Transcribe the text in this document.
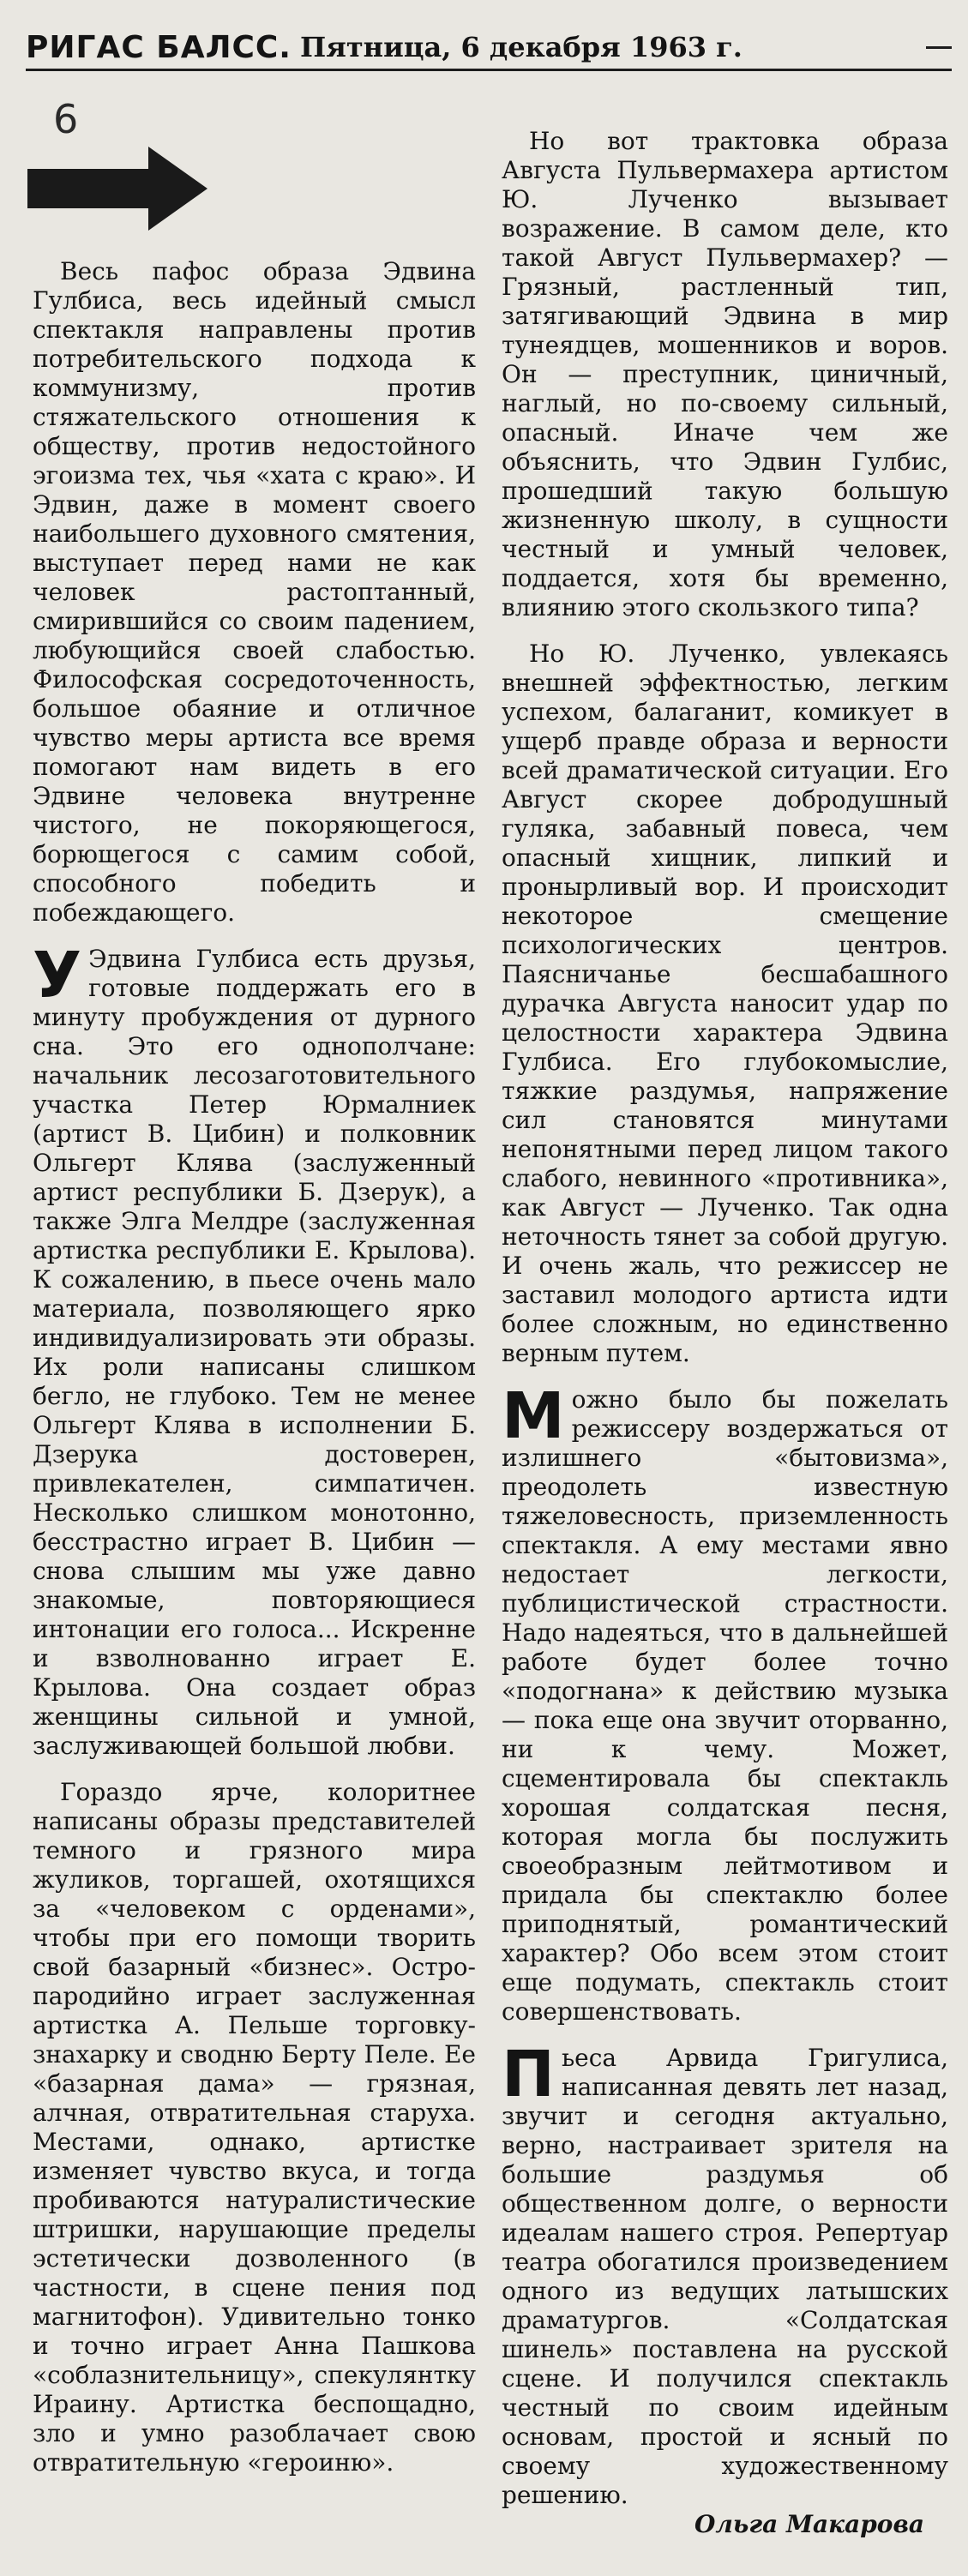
РИГАС БАЛСС. Пятница, 6 декабря 1963 г.
6

Весь пафос образа Эдвина Гулбиса, весь идейный смысл спектакля направлены против потребительского подхода к коммунизму, против стяжательского отношения к обществу, против недостойного эгоизма тех, чья «хата с краю». И Эдвин, даже в момент своего наибольшего духовного смятения, выступает перед нами не как человек растоптанный, смирившийся со своим падением, любующийся своей слабостью. Философская сосредоточенность, большое обаяние и отличное чувство меры артиста все время помогают нам видеть в его Эдвине человека внутренне чистого, не покоряющегося, борющегося с самим собой, способного победить и побеждающего.

У Эдвина Гулбиса есть друзья, готовые поддержать его в минуту пробуждения от дурного сна. Это его однополчане: начальник лесозаготовительного участка Петер Юрмалниек (артист В. Цибин) и полковник Ольгерт Клява (заслуженный артист республики Б. Дзерук), а также Элга Мелдре (заслуженная артистка республики Е. Крылова). К сожалению, в пьесе очень мало материала, позволяющего ярко индивидуализировать эти образы. Их роли написаны слишком бегло, не глубоко. Тем не менее Ольгерт Клява в исполнении Б. Дзерука достоверен, привлекателен, симпатичен. Несколько слишком монотонно, бесстрастно играет В. Цибин — снова слышим мы уже давно знакомые, повторяющиеся интонации его голоса... Искренне и взволнованно играет Е. Крылова. Она создает образ женщины сильной и умной, заслуживающей большой любви.

Гораздо ярче, колоритнее написаны образы представителей темного и грязного мира жуликов, торгашей, охотящихся за «человеком с орденами», чтобы при его помощи творить свой базарный «бизнес». Остро-пародийно играет заслуженная артистка А. Пельше торговку-знахарку и сводню Берту Пеле. Ее «базарная дама» — грязная, алчная, отвратительная старуха. Местами, однако, артистке изменяет чувство вкуса, и тогда пробиваются натуралистические штришки, нарушающие пределы эстетически дозволенного (в частности, в сцене пения под магнитофон). Удивительно тонко и точно играет Анна Пашкова «соблазнительницу», спекулянтку Ираину. Артистка беспощадно, зло и умно разоблачает свою отвратительную «героиню».

Но вот трактовка образа Августа Пульвермахера артистом Ю. Лученко вызывает возражение. В самом деле, кто такой Август Пульвермахер? — Грязный, растленный тип, затягивающий Эдвина в мир тунеядцев, мошенников и воров. Он — преступник, циничный, наглый, но по-своему сильный, опасный. Иначе чем же объяснить, что Эдвин Гулбис, прошедший такую большую жизненную школу, в сущности честный и умный человек, поддается, хотя бы временно, влиянию этого скользкого типа?

Но Ю. Лученко, увлекаясь внешней эффектностью, легким успехом, балаганит, комикует в ущерб правде образа и верности всей драматической ситуации. Его Август скорее добродушный гуляка, забавный повеса, чем опасный хищник, липкий и пронырливый вор. И происходит некоторое смещение психологических центров. Паясничанье бесшабашного дурачка Августа наносит удар по целостности характера Эдвина Гулбиса. Его глубокомыслие, тяжкие раздумья, напряжение сил становятся минутами непонятными перед лицом такого слабого, невинного «противника», как Август — Лученко. Так одна неточность тянет за собой другую. И очень жаль, что режиссер не заставил молодого артиста идти более сложным, но единственно верным путем.

Можно было бы пожелать режиссеру воздержаться от излишнего «бытовизма», преодолеть известную тяжеловесность, приземленность спектакля. А ему местами явно недостает легкости, публицистической страстности. Надо надеяться, что в дальнейшей работе будет более точно «подогнана» к действию музыка — пока еще она звучит оторванно, ни к чему. Может, сцементировала бы спектакль хорошая солдатская песня, которая могла бы послужить своеобразным лейтмотивом и придала бы спектаклю более приподнятый, романтический характер? Обо всем этом стоит еще подумать, спектакль стоит совершенствовать.

Пьеса Арвида Григулиса, написанная девять лет назад, звучит и сегодня актуально, верно, настраивает зрителя на большие раздумья об общественном долге, о верности идеалам нашего строя. Репертуар театра обогатился произведением одного из ведущих латышских драматургов. «Солдатская шинель» поставлена на русской сцене. И получился спектакль честный по своим идейным основам, простой и ясный по своему художественному решению.

Ольга Макарова
